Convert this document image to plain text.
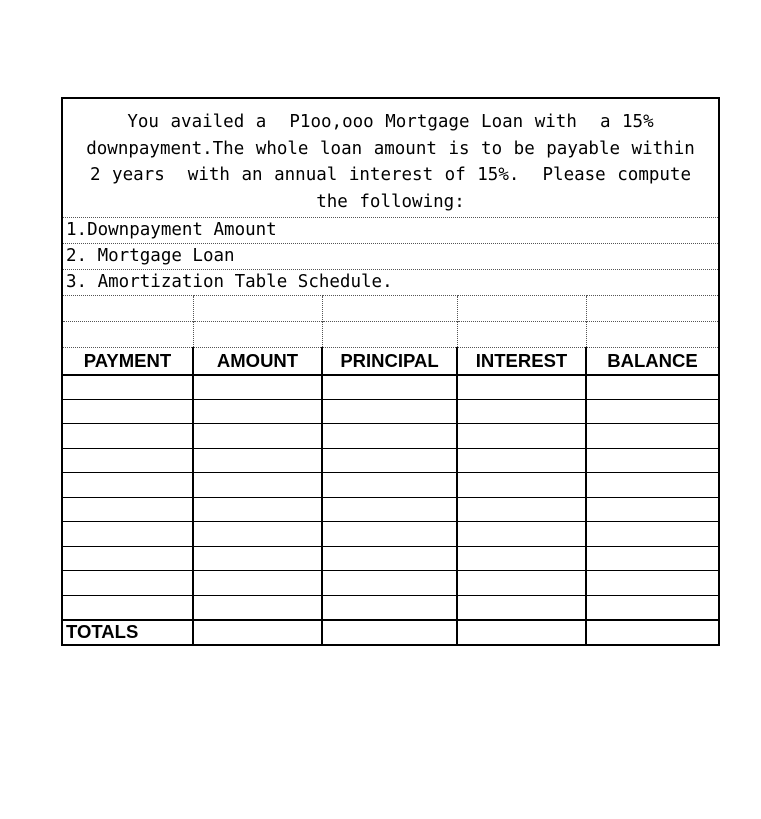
You availed a  P1oo,ooo Mortgage Loan with  a 15%
downpayment.The whole loan amount is to be payable within
2 years  with an annual interest of 15%.  Please compute
the following:
1.Downpayment Amount
2. Mortgage Loan
3. Amortization Table Schedule.

PAYMENT	AMOUNT	PRINCIPAL	INTEREST	BALANCE

TOTALS				
